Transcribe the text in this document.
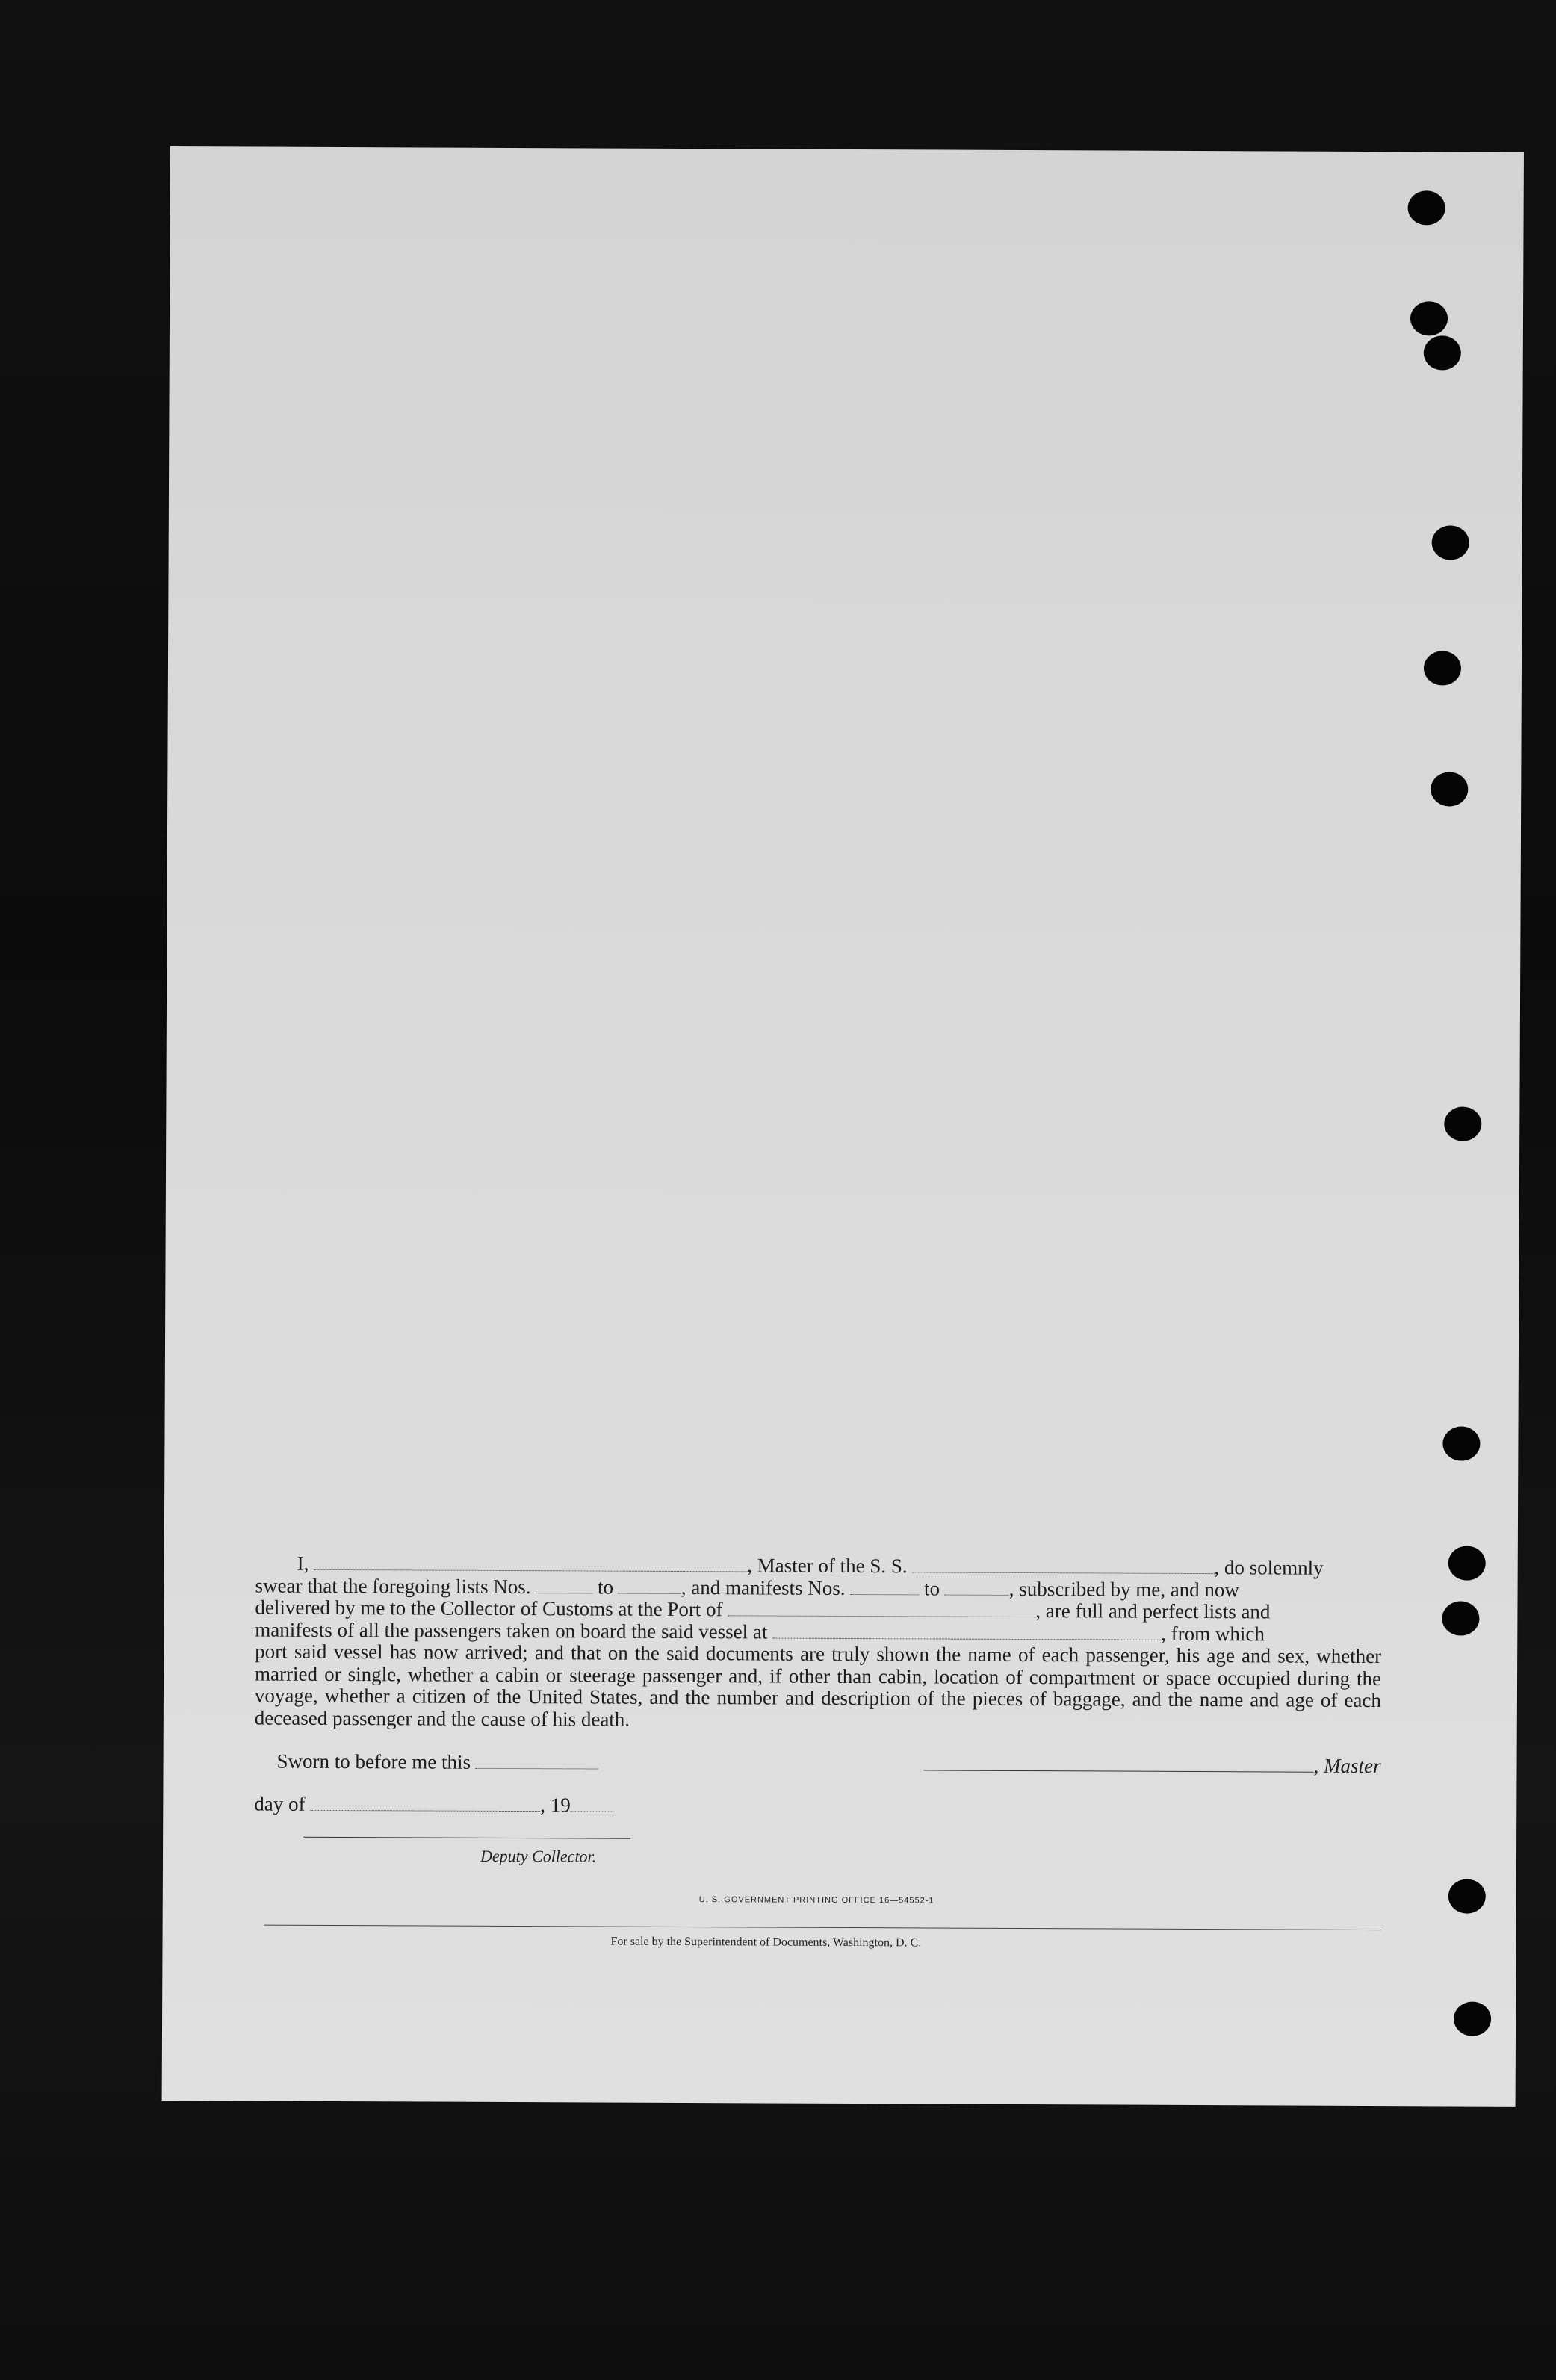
I,	, Master of the S. S.	, do solemnly

swear that the foregoing lists Nos.	to	, and manifests Nos.	to	, subscribed by me, and now

delivered by me to the Collector of Customs at the Port of	, are full and perfect lists and

manifests of all the passengers taken on board the said vessel at	, from which

port said vessel has now arrived; and that on the said documents are truly shown the name of each passenger, his age and sex, whether married or single, whether a cabin or steerage passenger and, if other than cabin, location of compartment or space occupied during the voyage, whether a citizen of the United States, and the number and description of the pieces of baggage, and the name and age of each deceased passenger and the cause of his death.

Sworn to before me this	, Master
day of	, 19
Deputy Collector.
U. S. GOVERNMENT PRINTING OFFICE 16—54552-1
For sale by the Superintendent of Documents, Washington, D. C.
